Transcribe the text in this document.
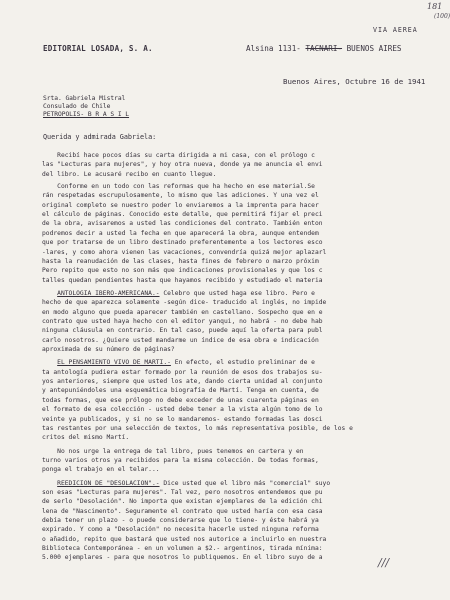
181
(100)
VIA AEREA
EDITORIAL LOSADA, S. A.	Alsina 1131- TACNARI- BUENOS AIRES
Buenos Aires, Octubre 16 de 1941
Srta. Gabriela Mistral
Consulado de Chile
PETROPOLIS- B R A S I L
Querida y admirada Gabriela:
Recibí hace pocos días su carta dirigida a mi casa, con el prólogo c
las "Lecturas para mujeres", y hoy otra nueva, donde ya me anuncia el envi
del libro. Le acusaré recibo en cuanto llegue.
Conforme en un todo con las reformas que ha hecho en ese material.Se
rán respetadas escrupulosamente, lo mismo que las adiciones. Y una vez el
original completo se nuestro poder lo enviaremos a la imprenta para hacer
el cálculo de páginas. Conocido este detalle, que permitirá fijar el preci
de la obra, avisaremos a usted las condiciones del contrato. También enton
podremos decir a usted la fecha en que aparecerá la obra, aunque entendem
que por tratarse de un libro destinado preferentemente a los lectores esco
-lares, y como ahora vienen las vacaciones, convendría quizá mejor aplazarl
hasta la reanudación de las clases, hasta fines de febrero o marzo próxim
Pero repito que esto no son más que indicaciones provisionales y que los c
talles quedan pendientes hasta que hayamos recibido y estudiado el materia
ANTOLOGIA IBERO-AMERICANA.- Celebro que usted haga ese libro. Pero e
hecho de que aparezca solamente -según dice- traducido al inglés, no impide
en modo alguno que pueda aparecer también en castellano. Sospecho que en e
contrato que usted haya hecho con el editor yanqui, no habrá - no debe hab
ninguna cláusula en contrario. En tal caso, puede aquí la oferta para publ
carlo nosotros. ¿Quiere usted mandarme un índice de esa obra e indicación
aproximada de su número de páginas?
EL PENSAMIENTO VIVO DE MARTI.- En efecto, el estudio preliminar de e
ta antología pudiera estar formado por la reunión de esos dos trabajos su-
yos anteriores, siempre que usted los ate, dando cierta unidad al conjunto
y antepuniéndoles una esquemática biografía de Martí. Tenga en cuenta, de
todas formas, que ese prólogo no debe exceder de unas cuarenta páginas en
el formato de esa colección - usted debe tener a la vista algún tomo de lo
veinte ya publicados, y si no se lo mandaremos- estando formadas las dosci
tas restantes por una selección de textos, lo más representativa posible, de los e
critos del mismo Martí.
No nos urge la entrega de tal libro, pues tenemos en cartera y en
turno varios otros ya recibidos para la misma colección. De todas formas,
ponga el trabajo en el telar...
REEDICION DE "DESOLACION".- Dice usted que el libro más "comercial" suyo
son esas "Lecturas para mujeres". Tal vez, pero nosotros entendemos que pu
de serlo "Desolación". No importa que existan ejemplares de la edición chi
lena de "Nascimento". Seguramente el contrato que usted haría con esa casa
debía tener un plazo - o puede considerarse que lo tiene- y éste habrá ya
expirado. Y como a "Desolación" no necesita hacerle usted ninguna reforma
o añadido, repito que bastará que usted nos autorice a incluirlo en nuestra
Biblioteca Contemporánea - en un volumen a $2.- argentinos, tirada mínima:
5.000 ejemplares - para que nosotros lo publiquemos. En el libro suyo de a	///
